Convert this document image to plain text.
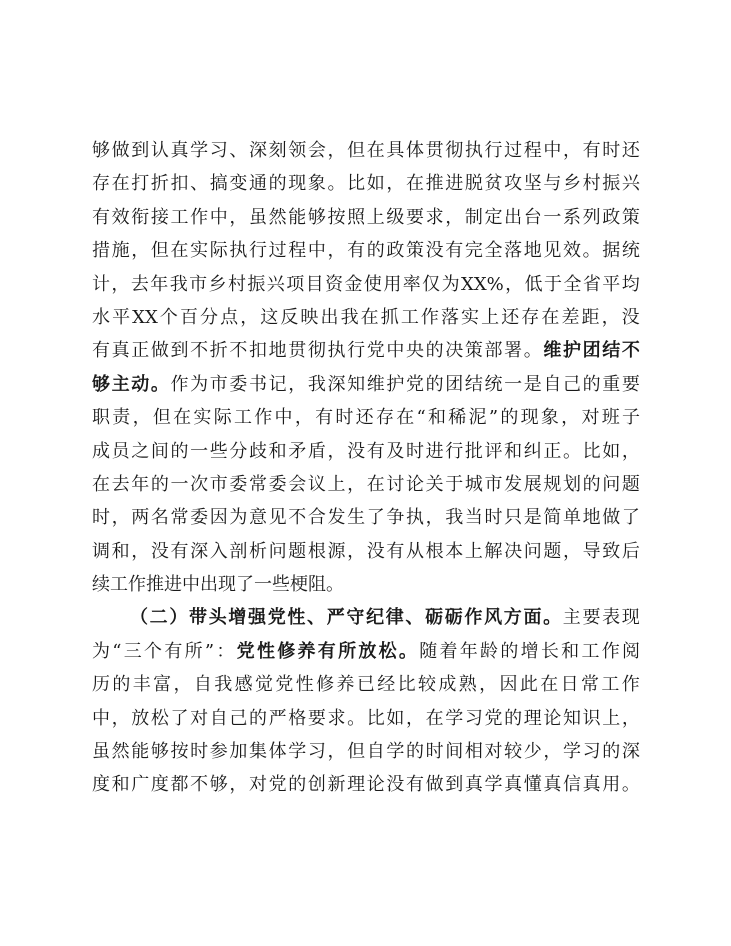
够 做 到 认 真 学 习 、 深 刻 领 会 ， 但 在 具 体 贯 彻 执 行 过 程 中 ， 有 时 还
存 在 打 折 扣 、 搞 变 通 的 现 象 。 比 如 ， 在 推 进 脱 贫 攻 坚 与 乡 村 振 兴
有 效 衔 接 工 作 中 ， 虽 然 能 够 按 照 上 级 要 求 ， 制 定 出 台 一 系 列 政 策
措 施 ， 但 在 实 际 执 行 过 程 中 ， 有 的 政 策 没 有 完 全 落 地 见 效 。 据 统
计 ， 去 年 我 市 乡 村 振 兴 项 目 资 金 使 用 率 仅 为 XX% ， 低 于 全 省 平 均
水 平 XX 个 百 分 点 ， 这 反 映 出 我 在 抓 工 作 落 实 上 还 存 在 差 距 ， 没
有 真 正 做 到 不 折 不 扣 地 贯 彻 执 行 党 中 央 的 决 策 部 署 。 维 护 团 结 不
够 主 动 。 作 为 市 委 书 记 ， 我 深 知 维 护 党 的 团 结 统 一 是 自 己 的 重 要
职 责 ， 但 在 实 际 工 作 中 ， 有 时 还 存 在 “ 和 稀 泥 ” 的 现 象 ， 对 班 子
成 员 之 间 的 一 些 分 歧 和 矛 盾 ， 没 有 及 时 进 行 批 评 和 纠 正 。 比 如 ，
在 去 年 的 一 次 市 委 常 委 会 议 上 ， 在 讨 论 关 于 城 市 发 展 规 划 的 问 题
时 ， 两 名 常 委 因 为 意 见 不 合 发 生 了 争 执 ， 我 当 时 只 是 简 单 地 做 了
调 和 ， 没 有 深 入 剖 析 问 题 根 源 ， 没 有 从 根 本 上 解 决 问 题 ， 导 致 后
续工作推进中出现了一些梗阻。
（ 二 ） 带 头 增 强 党 性 、 严 守 纪 律 、 砺 砺 作 风 方 面 。 主 要 表 现
为 “ 三 个 有 所 ” ： 党 性 修 养 有 所 放 松 。 随 着 年 龄 的 增 长 和 工 作 阅
历 的 丰 富 ， 自 我 感 觉 党 性 修 养 已 经 比 较 成 熟 ， 因 此 在 日 常 工 作
中 ， 放 松 了 对 自 己 的 严 格 要 求 。 比 如 ， 在 学 习 党 的 理 论 知 识 上 ，
虽 然 能 够 按 时 参 加 集 体 学 习 ， 但 自 学 的 时 间 相 对 较 少 ， 学 习 的 深
度 和 广 度 都 不 够 ， 对 党 的 创 新 理 论 没 有 做 到 真 学 真 懂 真 信 真 用 。
